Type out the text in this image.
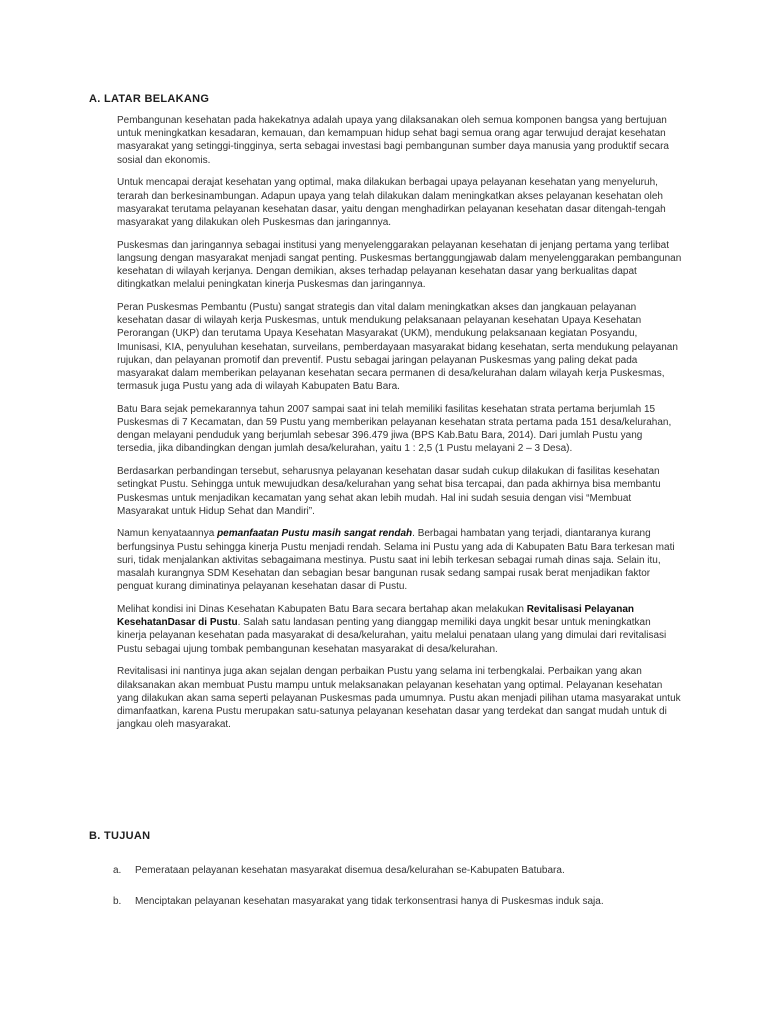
A. LATAR BELAKANG

Pembangunan kesehatan pada hakekatnya adalah upaya yang dilaksanakan oleh semua komponen bangsa yang bertujuan untuk meningkatkan kesadaran, kemauan, dan kemampuan hidup sehat bagi semua orang agar terwujud derajat kesehatan masyarakat yang setinggi-tingginya, serta sebagai investasi bagi pembangunan sumber daya manusia yang produktif secara sosial dan ekonomis.

Untuk mencapai derajat kesehatan yang optimal, maka dilakukan berbagai upaya pelayanan kesehatan yang menyeluruh, terarah dan berkesinambungan. Adapun upaya yang telah dilakukan dalam meningkatkan akses pelayanan kesehatan oleh masyarakat terutama pelayanan kesehatan dasar, yaitu dengan menghadirkan pelayanan kesehatan dasar ditengah-tengah masyarakat yang dilakukan oleh Puskesmas dan jaringannya.

Puskesmas dan jaringannya sebagai institusi yang menyelenggarakan pelayanan kesehatan di jenjang pertama yang terlibat langsung dengan masyarakat menjadi sangat penting. Puskesmas bertanggungjawab dalam menyelenggarakan pembangunan kesehatan di wilayah kerjanya. Dengan demikian, akses terhadap pelayanan kesehatan dasar yang berkualitas dapat ditingkatkan melalui peningkatan kinerja Puskesmas dan jaringannya.

Peran Puskesmas Pembantu (Pustu) sangat strategis dan vital dalam meningkatkan akses dan jangkauan pelayanan kesehatan dasar di wilayah kerja Puskesmas, untuk mendukung pelaksanaan pelayanan kesehatan Upaya Kesehatan Perorangan (UKP) dan terutama Upaya Kesehatan Masyarakat (UKM), mendukung pelaksanaan kegiatan Posyandu, Imunisasi, KIA, penyuluhan kesehatan, surveilans, pemberdayaan masyarakat bidang kesehatan, serta mendukung pelayanan rujukan, dan pelayanan promotif dan preventif. Pustu sebagai jaringan pelayanan Puskesmas yang paling dekat pada masyarakat dalam memberikan pelayanan kesehatan secara permanen di desa/kelurahan dalam wilayah kerja Puskesmas, termasuk juga Pustu yang ada di wilayah Kabupaten Batu Bara.

Batu Bara sejak pemekarannya tahun 2007 sampai saat ini telah memiliki fasilitas kesehatan strata pertama berjumlah 15 Puskesmas di 7 Kecamatan, dan 59 Pustu yang memberikan pelayanan kesehatan strata pertama pada 151 desa/kelurahan, dengan melayani penduduk yang berjumlah sebesar 396.479 jiwa (BPS Kab.Batu Bara, 2014). Dari jumlah Pustu yang tersedia, jika dibandingkan dengan jumlah desa/kelurahan, yaitu 1 : 2,5 (1 Pustu melayani 2 – 3 Desa).

Berdasarkan perbandingan tersebut, seharusnya pelayanan kesehatan dasar sudah cukup dilakukan di fasilitas kesehatan setingkat Pustu. Sehingga untuk mewujudkan desa/kelurahan yang sehat bisa tercapai, dan pada akhirnya bisa membantu Puskesmas untuk menjadikan kecamatan yang sehat akan lebih mudah. Hal ini sudah sesuia dengan visi “Membuat Masyarakat untuk Hidup Sehat dan Mandiri”.

Namun kenyataannya pemanfaatan Pustu masih sangat rendah. Berbagai hambatan yang terjadi, diantaranya kurang berfungsinya Pustu sehingga kinerja Pustu menjadi rendah. Selama ini Pustu yang ada di Kabupaten Batu Bara terkesan mati suri, tidak menjalankan aktivitas sebagaimana mestinya. Pustu saat ini lebih terkesan sebagai rumah dinas saja. Selain itu, masalah kurangnya SDM Kesehatan dan sebagian besar bangunan rusak sedang sampai rusak berat menjadikan faktor penguat kurang diminatinya pelayanan kesehatan dasar di Pustu.

Melihat kondisi ini Dinas Kesehatan Kabupaten Batu Bara secara bertahap akan melakukan Revitalisasi Pelayanan KesehatanDasar di Pustu. Salah satu landasan penting yang dianggap memiliki daya ungkit besar untuk meningkatkan kinerja pelayanan kesehatan pada masyarakat di desa/kelurahan, yaitu melalui penataan ulang yang dimulai dari revitalisasi Pustu sebagai ujung tombak pembangunan kesehatan masyarakat di desa/kelurahan.

Revitalisasi ini nantinya juga akan sejalan dengan perbaikan Pustu yang selama ini terbengkalai. Perbaikan yang akan dilaksanakan akan membuat Pustu mampu untuk melaksanakan pelayanan kesehatan yang optimal. Pelayanan kesehatan yang dilakukan akan sama seperti pelayanan Puskesmas pada umumnya. Pustu akan menjadi pilihan utama masyarakat untuk dimanfaatkan, karena Pustu merupakan satu-satunya pelayanan kesehatan dasar yang terdekat dan sangat mudah untuk di jangkau oleh masyarakat.

B. TUJUAN
a. Pemerataan pelayanan kesehatan masyarakat disemua desa/kelurahan se-Kabupaten Batubara.
b. Menciptakan pelayanan kesehatan masyarakat yang tidak terkonsentrasi hanya di Puskesmas induk saja.
